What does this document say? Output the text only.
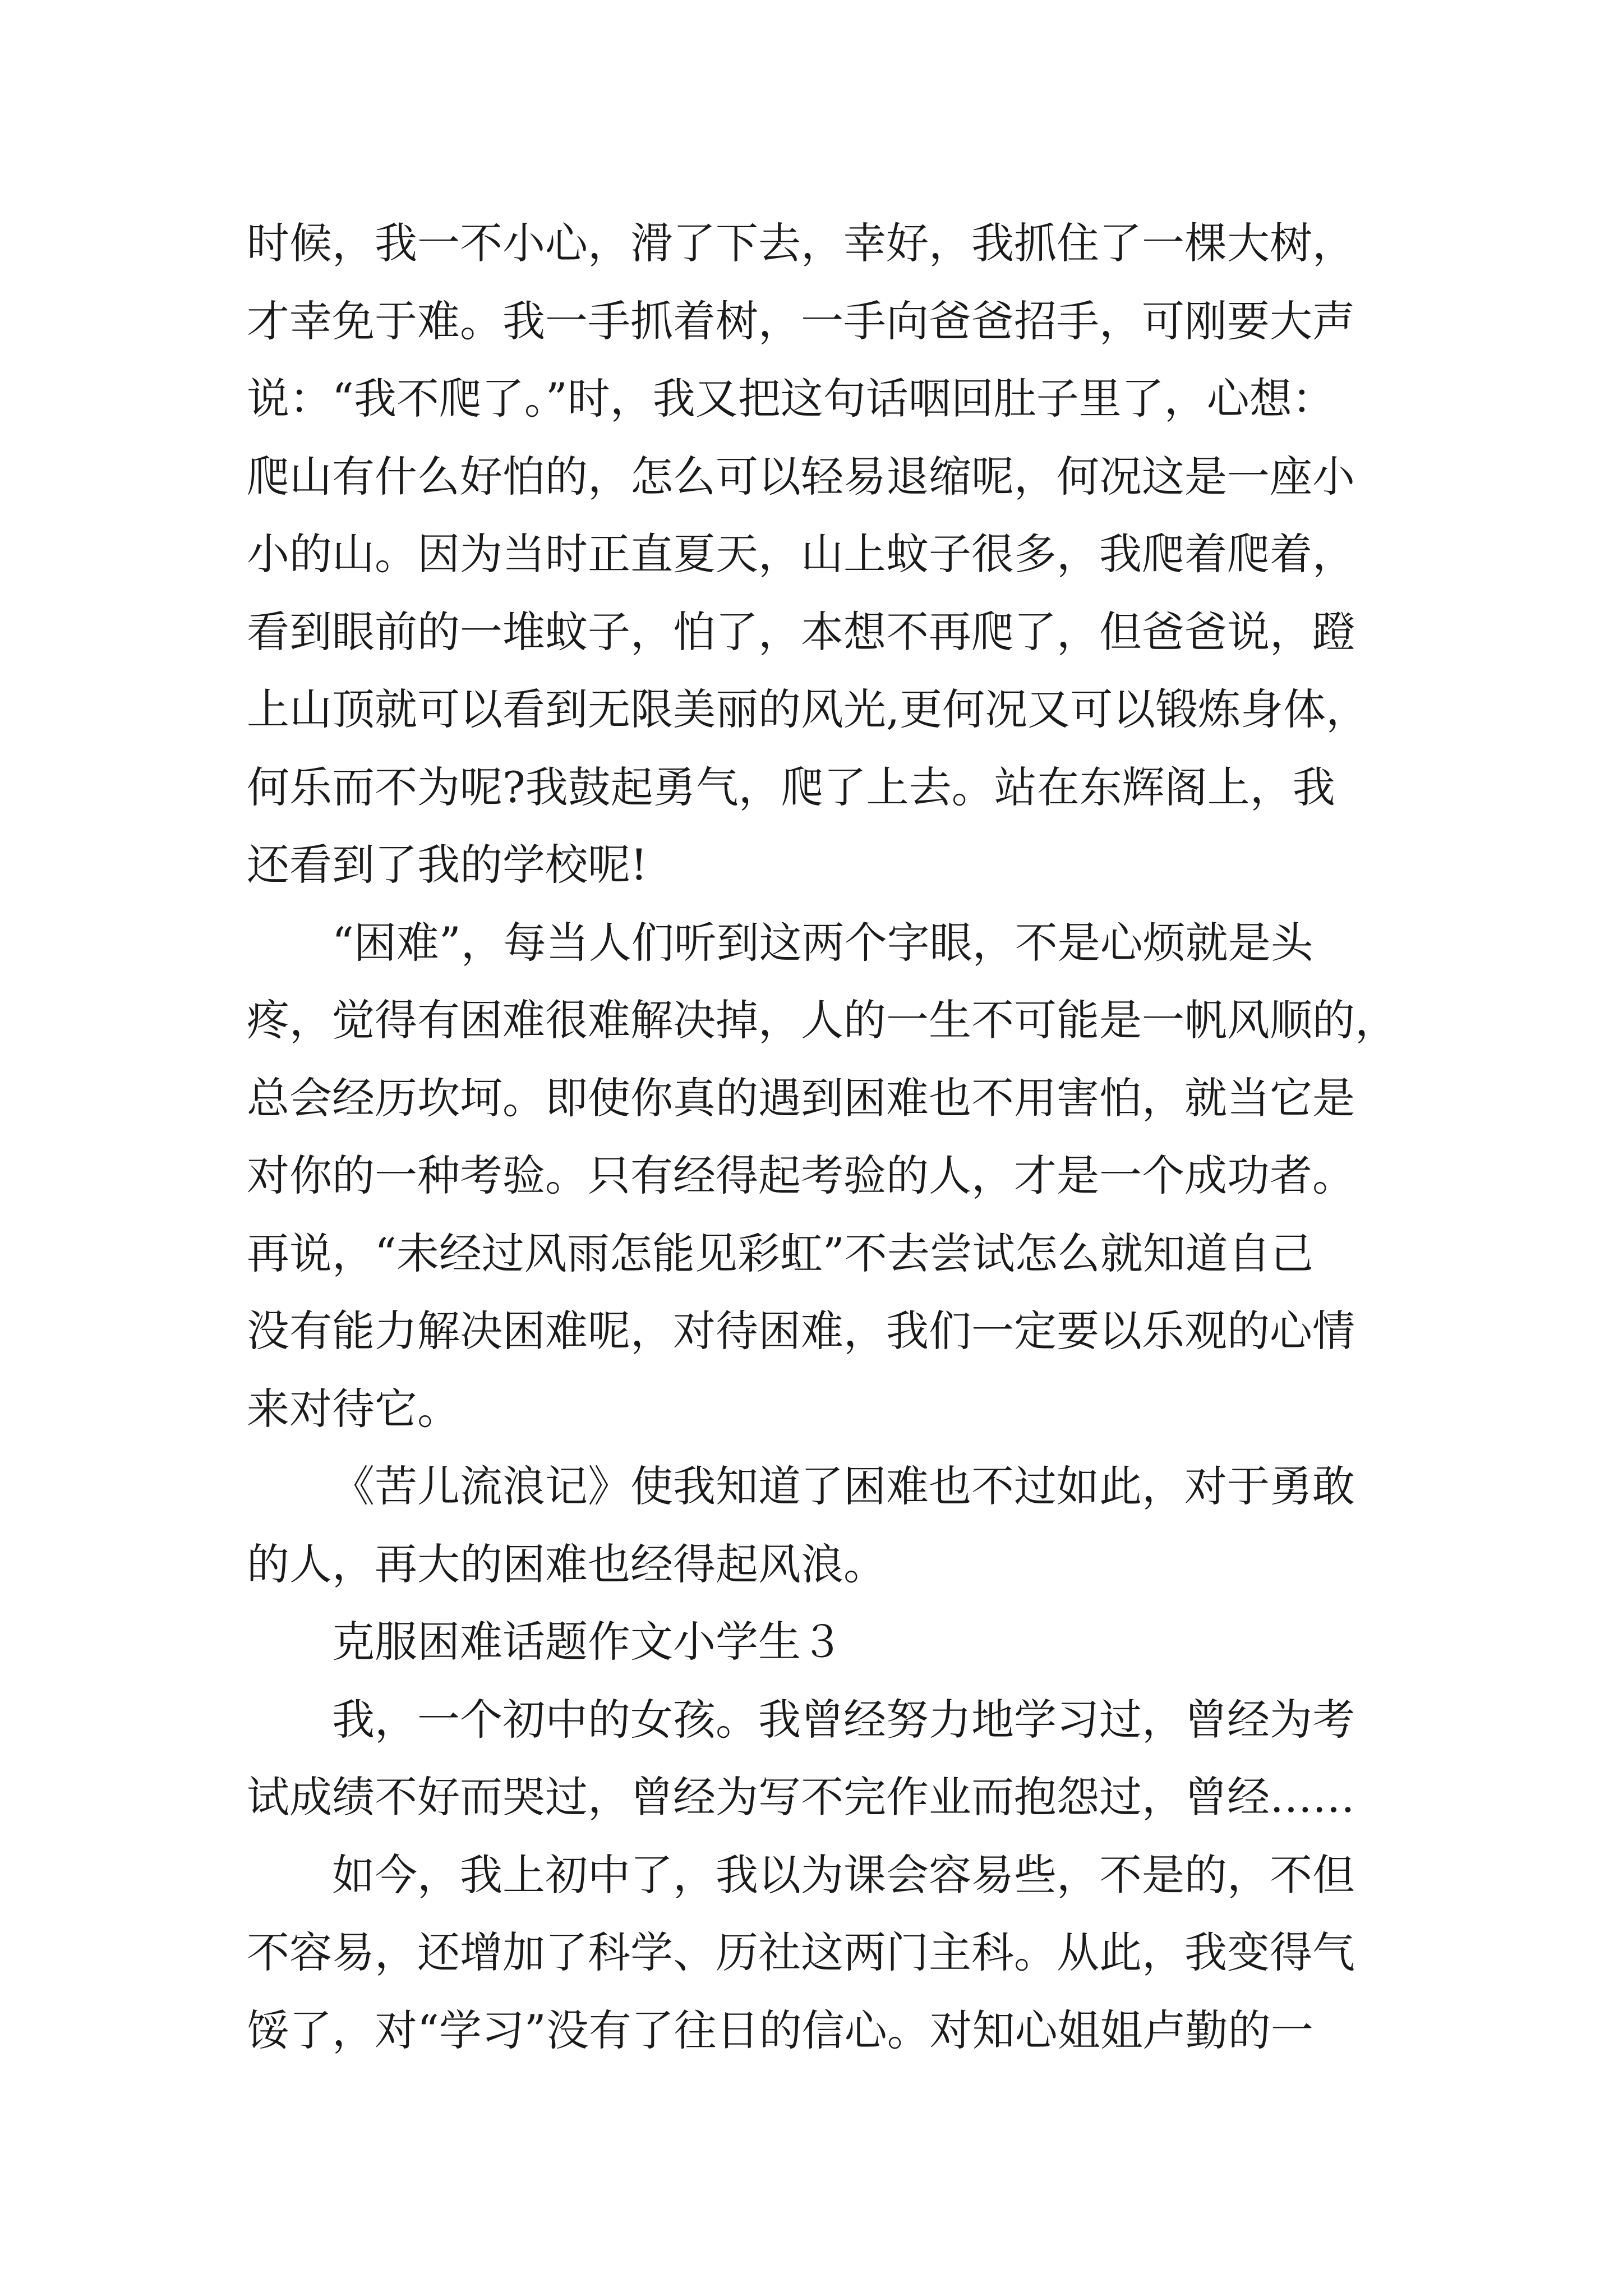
时候，我一不小心，滑了下去，幸好，我抓住了一棵大树，
才幸免于难。我一手抓着树，一手向爸爸招手，可刚要大声
说：“我不爬了。”时，我又把这句话咽回肚子里了，心想：
爬山有什么好怕的，怎么可以轻易退缩呢，何况这是一座小
小的山。因为当时正直夏天，山上蚊子很多，我爬着爬着，
看到眼前的一堆蚊子，怕了，本想不再爬了，但爸爸说，蹬
上山顶就可以看到无限美丽的风光,更何况又可以锻炼身体，
何乐而不为呢?我鼓起勇气，爬了上去。站在东辉阁上，我
还看到了我的学校呢!
“困难”，每当人们听到这两个字眼，不是心烦就是头
疼，觉得有困难很难解决掉，人的一生不可能是一帆风顺的，
总会经历坎坷。即使你真的遇到困难也不用害怕，就当它是
对你的一种考验。只有经得起考验的人，才是一个成功者。
再说，“未经过风雨怎能见彩虹”不去尝试怎么就知道自己
没有能力解决困难呢，对待困难，我们一定要以乐观的心情
来对待它。
《苦儿流浪记》使我知道了困难也不过如此，对于勇敢
的人，再大的困难也经得起风浪。
克服困难话题作文小学生３
我，一个初中的女孩。我曾经努力地学习过，曾经为考
试成绩不好而哭过，曾经为写不完作业而抱怨过，曾经……
如今，我上初中了，我以为课会容易些，不是的，不但
不容易，还增加了科学、历社这两门主科。从此，我变得气
馁了，对“学习”没有了往日的信心。对知心姐姐卢勤的一
